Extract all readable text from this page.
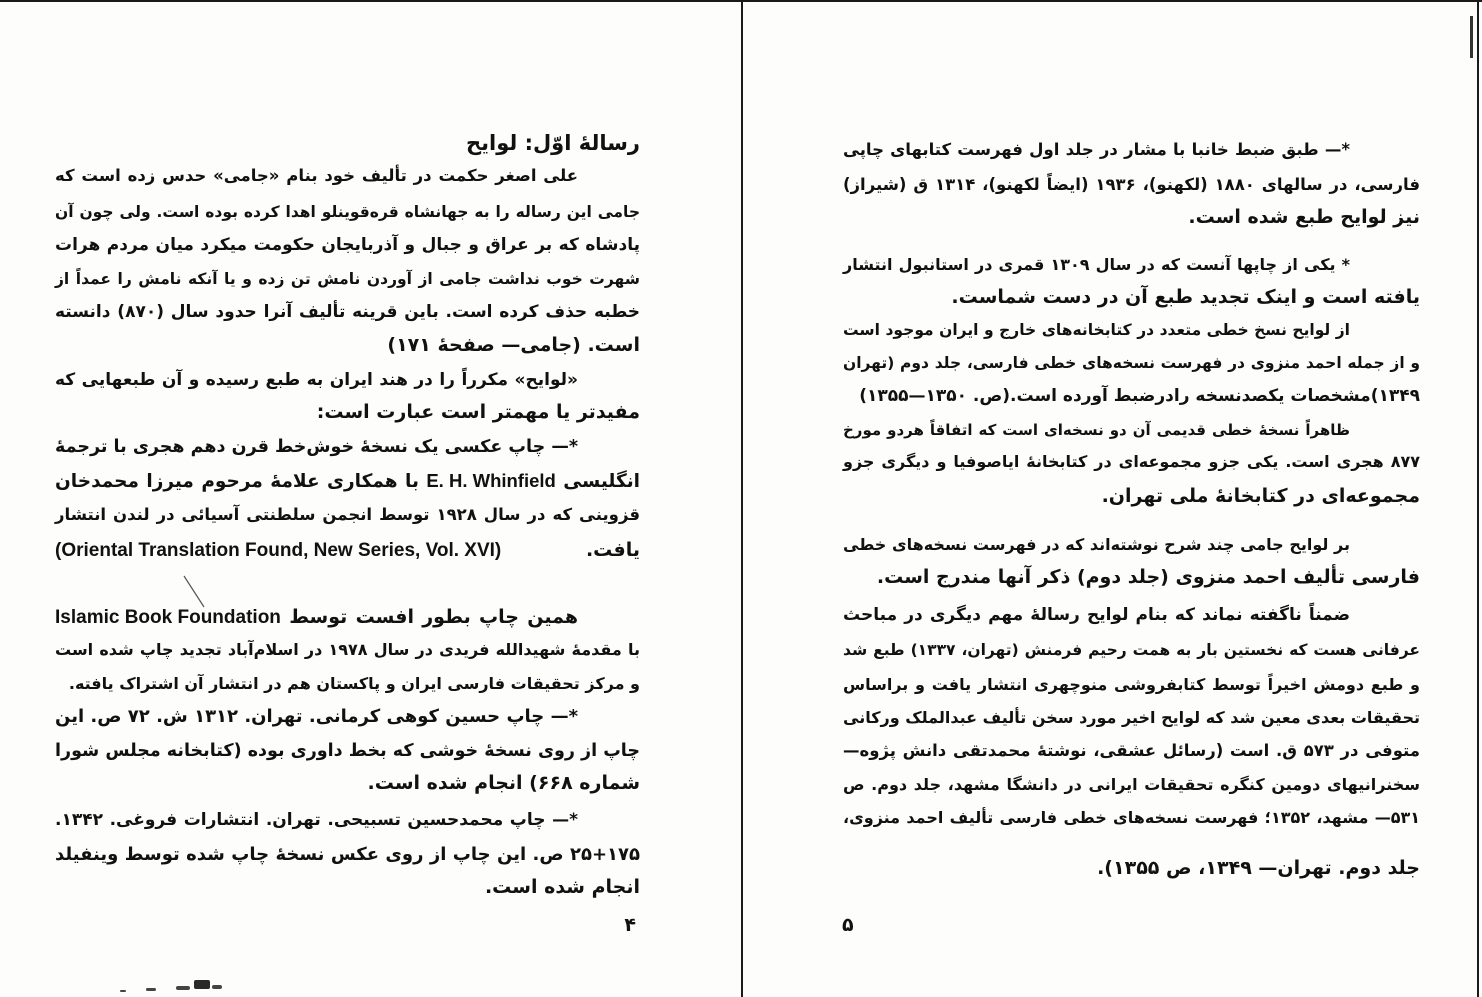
رسالهٔ اوّل: لوایح
علی اصغر حکمت در تألیف خود بنام «جامی» حدس زده است که
جامی این رساله را به جهانشاه قره‌قوینلو اهدا کرده بوده است. ولی چون آن
پادشاه که بر عراق و جبال و آذربایجان حکومت میکرد میان مردم هرات
شهرت خوب نداشت جامی از آوردن نامش تن زده و یا آنکه نامش را عمداً از
خطبه حذف کرده است. باین قرینه تألیف آنرا حدود سال (۸۷۰) دانسته
است. (جامی— صفحهٔ ۱۷۱)
«لوایح» مکرراً را در هند ایران به طبع رسیده و آن طبعهایی که
مفیدتر یا مهمتر است عبارت است:
*— چاپ عکسی یک نسخهٔ خوش‌خط قرن دهم هجری با ترجمهٔ
انگلیسی E. H. Whinfield با همکاری علامهٔ مرحوم میرزا محمدخان
قزوینی که در سال ۱۹۲۸ توسط انجمن سلطنتی آسیائی در لندن انتشار
یافت. (Oriental Translation Found, New Series, Vol. XVI)
همین چاپ بطور افست توسط Islamic Book Foundation
با مقدمهٔ شهیدالله فریدی در سال ۱۹۷۸ در اسلام‌آباد تجدید چاپ شده است
و مرکز تحقیقات فارسی ایران و پاکستان هم در انتشار آن اشتراک یافته.
*— چاپ حسین کوهی کرمانی. تهران. ۱۳۱۲ ش. ۷۲ ص. این
چاپ از روی نسخهٔ خوشی که بخط داوری بوده (کتابخانه مجلس شورا
شماره ۶۶۸) انجام شده است.
*— چاپ محمدحسین تسبیحی. تهران. انتشارات فروغی. ۱۳۴۲.
۲۵+۱۷۵ ص. این چاپ از روی عکس نسخهٔ چاپ شده توسط وینفیلد
انجام شده است.
۴
*— طبق ضبط خانبا با مشار در جلد اول فهرست کتابهای چاپی
فارسی، در سالهای ۱۸۸۰ (لکهنو)، ۱۹۳۶ (ایضاً لکهنو)، ۱۳۱۴ ق (شیراز)
نیز لوایح طبع شده است.
* یکی از چاپها آنست که در سال ۱۳۰۹ قمری در استانبول انتشار
یافته است و اینک تجدید طبع آن در دست شماست.
از لوایح نسخ خطی متعدد در کتابخانه‌های خارج و ایران موجود است
و از جمله احمد منزوی در فهرست نسخه‌های خطی فارسی، جلد دوم (تهران
۱۳۴۹)مشخصات یکصدنسخه رادرضبط آورده است.(ص. ۱۳۵۰—۱۳۵۵)
ظاهراً نسخهٔ خطی قدیمی آن دو نسخه‌ای است که اتفاقاً هردو مورخ
۸۷۷ هجری است. یکی جزو مجموعه‌ای در کتابخانهٔ ایاصوفیا و دیگری جزو
مجموعه‌ای در کتابخانهٔ ملی تهران.
بر لوایح جامی چند شرح نوشته‌اند که در فهرست نسخه‌های خطی
فارسی تألیف احمد منزوی (جلد دوم) ذکر آنها مندرج است.
ضمناً ناگفته نماند که بنام لوایح رسالهٔ مهم دیگری در مباحث
عرفانی هست که نخستین بار به همت رحیم فرمنش (تهران، ۱۳۳۷) طبع شد
و طبع دومش اخیراً توسط کتابفروشی منوچهری انتشار یافت و براساس
تحقیقات بعدی معین شد که لوایح اخیر مورد سخن تألیف عبدالملک ورکانی
متوفی در ۵۷۳ ق. است (رسائل عشقی، نوشتهٔ محمدتقی دانش پژوه—
سخنرانیهای دومین کنگره تحقیقات ایرانی در دانشگا مشهد، جلد دوم. ص
۵۳۱— مشهد، ۱۳۵۲؛ فهرست نسخه‌های خطی فارسی تألیف احمد منزوی،
جلد دوم. تهران— ۱۳۴۹، ص ۱۳۵۵).
۵
